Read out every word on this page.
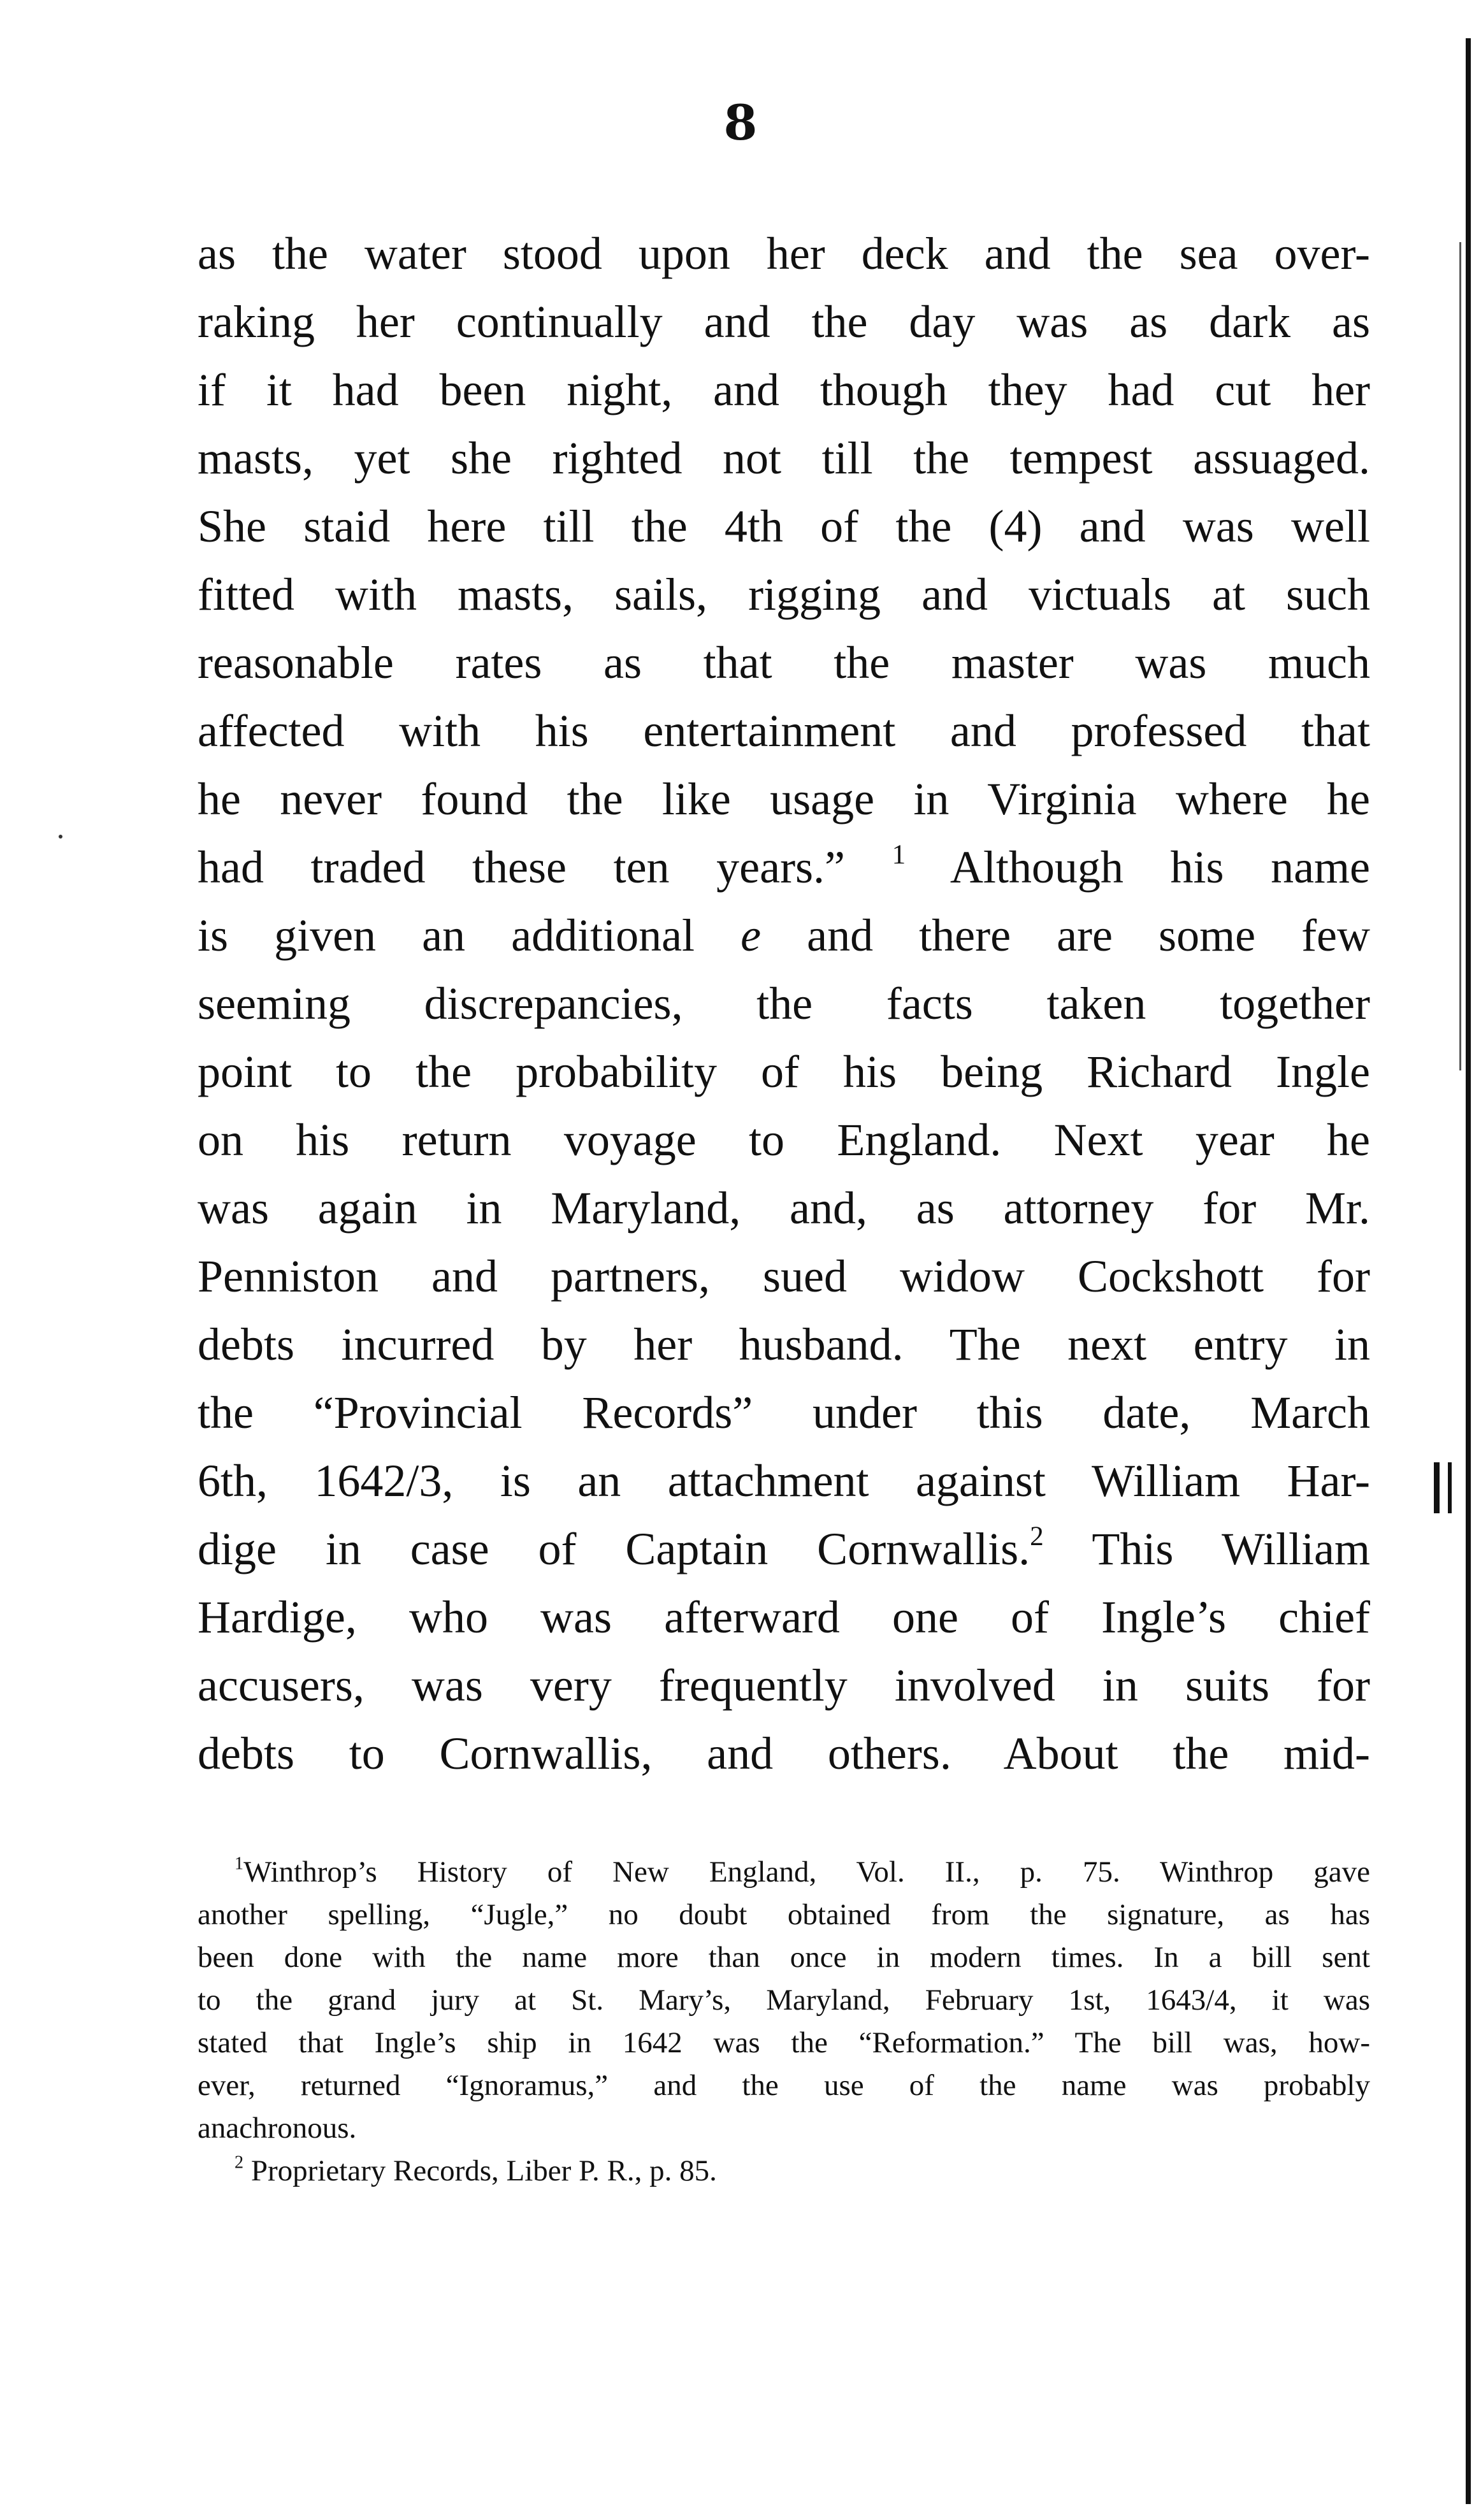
8
as the water stood upon her deck and the sea over-
raking her continually and the day was as dark as
if it had been night, and though they had cut her
masts, yet she righted not till the tempest assuaged.
She staid here till the 4th of the (4) and was well
fitted with masts, sails, rigging and victuals at such
reasonable rates as that the master was much
affected with his entertainment and professed that
he never found the like usage in Virginia where he
had traded these ten years.” $^1$ Although his name
is given an additional e and there are some few
seeming discrepancies, the facts taken together
point to the probability of his being Richard Ingle
on his return voyage to England. Next year he
was again in Maryland, and, as attorney for Mr.
Penniston and partners, sued widow Cockshott for
debts incurred by her husband. The next entry in
the “Provincial Records” under this date, March
6th, 1642/3, is an attachment against William Har-
dige in case of Captain Cornwallis.$^2$ This William
Hardige, who was afterward one of Ingle’s chief
accusers, was very frequently involved in suits for
debts to Cornwallis, and others. About the mid-
$^1$Winthrop’s History of New England, Vol. II., p. 75. Winthrop gave
another spelling, “Jugle,” no doubt obtained from the signature, as has
been done with the name more than once in modern times. In a bill sent
to the grand jury at St. Mary’s, Maryland, February 1st, 1643/4, it was
stated that Ingle’s ship in 1642 was the “Reformation.” The bill was, how-
ever, returned “Ignoramus,” and the use of the name was probably
anachronous.
$^2$ Proprietary Records, Liber P. R., p. 85.
